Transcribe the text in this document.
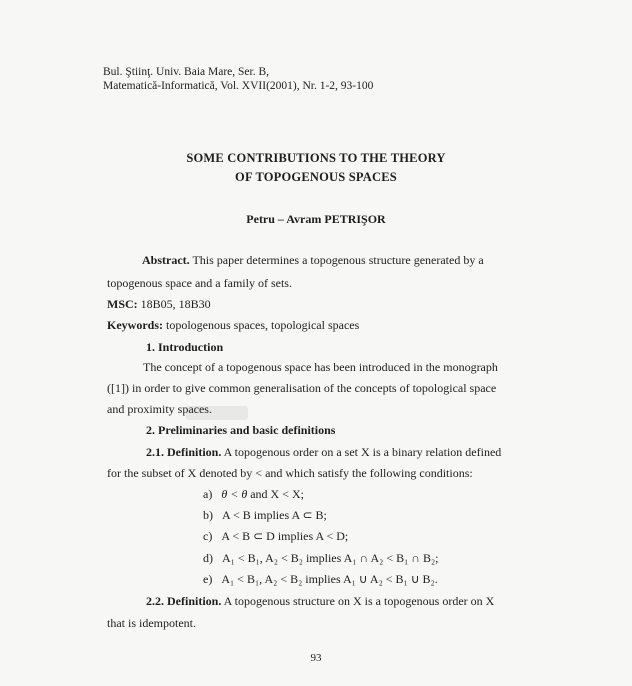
Bul. Ştiinţ. Univ. Baia Mare, Ser. B,
Matematică-Informatică, Vol. XVII(2001), Nr. 1-2, 93-100
SOME CONTRIBUTIONS TO THE THEORY
OF TOPOGENOUS SPACES
Petru – Avram PETRIŞOR
Abstract. This paper determines a topogenous structure generated by a
topogenous space and a family of sets.
MSC: 18B05, 18B30
Keywords: topologenous spaces, topological spaces
1. Introduction
The concept of a topogenous space has been introduced in the monograph
([1]) in order to give common generalisation of the concepts of topological space
and proximity spaces.
2. Preliminaries and basic definitions
2.1. Definition. A topogenous order on a set X is a binary relation defined
for the subset of X denoted by < and which satisfy the following conditions:
a) θ < θ and X < X;
b) A < B implies A ⊂ B;
c) A < B ⊂ D implies A < D;
d) A₁ < B₁, A₂ < B₂ implies A₁ ∩ A₂ < B₁ ∩ B₂;
e) A₁ < B₁, A₂ < B₂ implies A₁ ∪ A₂ < B₁ ∪ B₂.
2.2. Definition. A topogenous structure on X is a topogenous order on X
that is idempotent.
93
